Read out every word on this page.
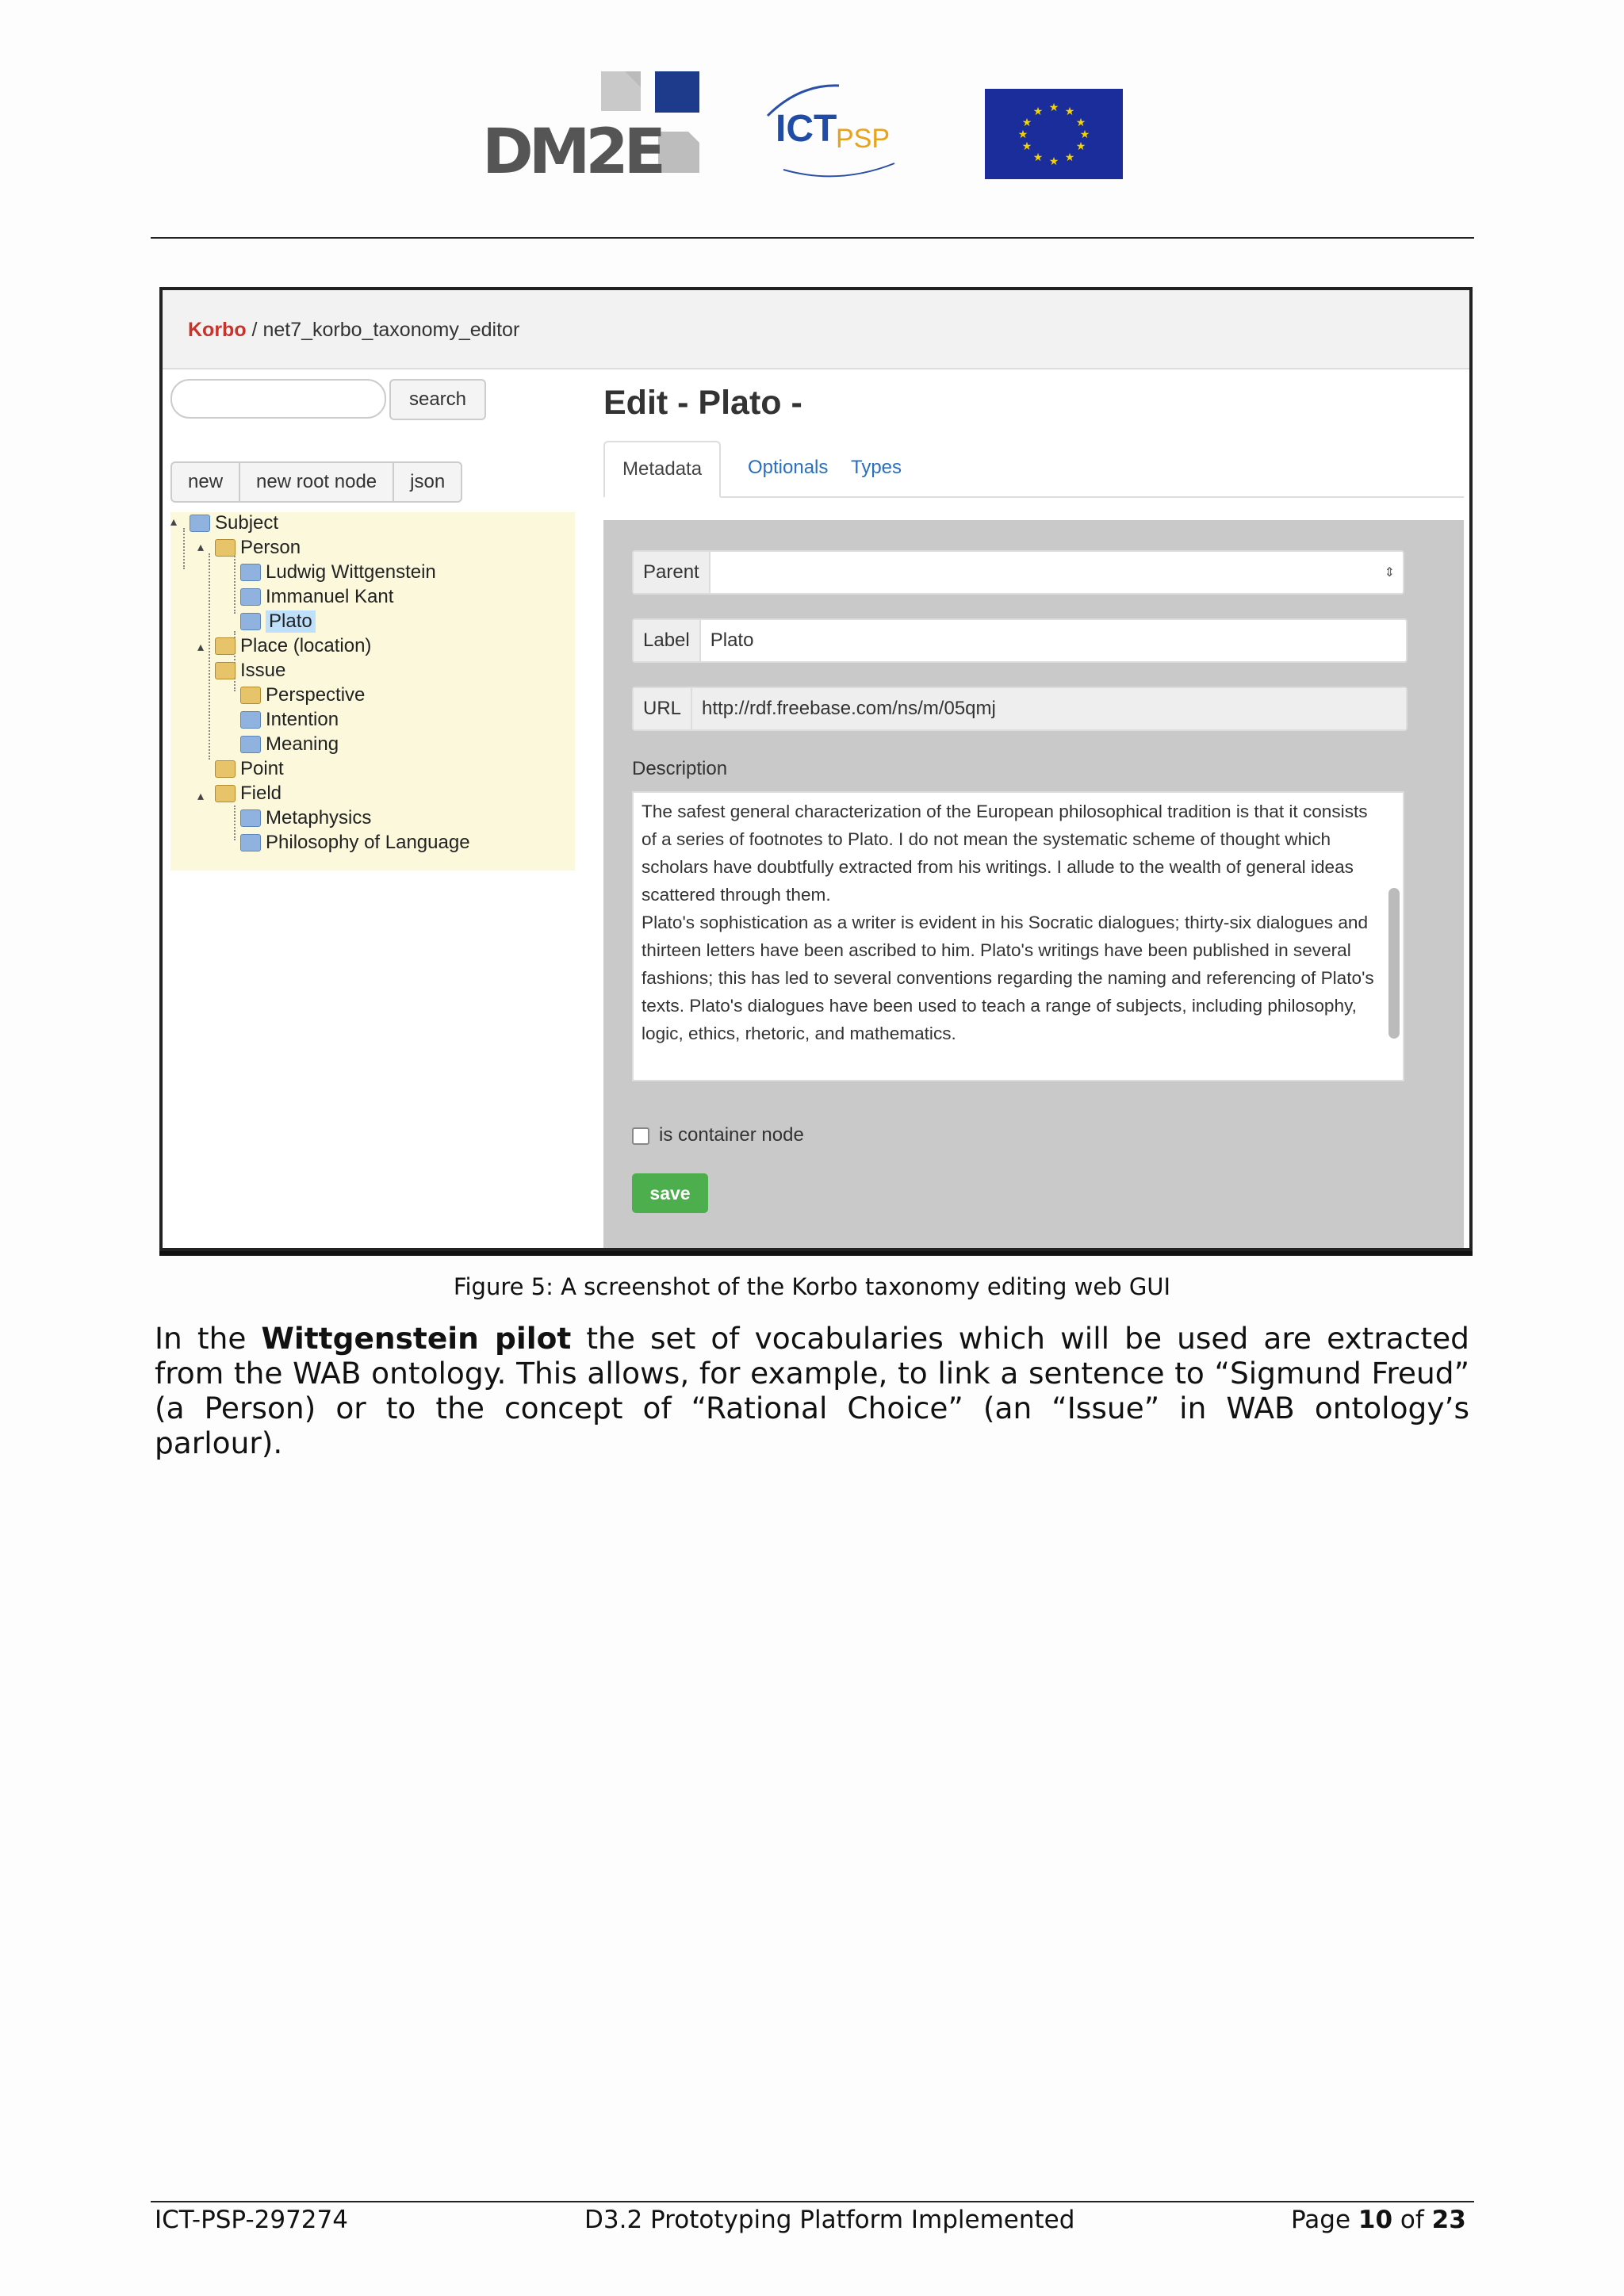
DM2E	ICT
PSP
★ ★
★
★
★
★
★
★
★
★
★
★
Korbo / net7_korbo_taxonomy_editor
search
new	new root node	json
▴
▴
▴
▴
Subject
Person
Ludwig Wittgenstein
Immanuel Kant
Plato
Place (location)
Issue
Perspective
Intention
Meaning
Point
Field
Metaphysics
Philosophy of Language
Edit - Plato -
Metadata	Optionals	Types
Parent	⇕
Label	Plato
URL	http://rdf.freebase.com/ns/m/05qmj
Description
The safest general characterization of the European philosophical tradition is that it consists of a series of footnotes to Plato. I do not mean the systematic scheme of thought which scholars have doubtfully extracted from his writings. I allude to the wealth of general ideas scattered through them.
Plato's sophistication as a writer is evident in his Socratic dialogues; thirty-six dialogues and thirteen letters have been ascribed to him. Plato's writings have been published in several fashions; this has led to several conventions regarding the naming and referencing of Plato's texts. Plato's dialogues have been used to teach a range of subjects, including philosophy, logic, ethics, rhetoric, and mathematics.
is container node
save
Figure 5: A screenshot of the Korbo taxonomy editing web GUI
In the Wittgenstein pilot the set of vocabularies which will be used are extracted from the WAB ontology. This allows, for example, to link a sentence to “Sigmund Freud” (a Person) or to the concept of “Rational Choice” (an “Issue” in WAB ontology’s parlour).
ICT-PSP-297274	D3.2 Prototyping Platform Implemented	Page 10 of 23
